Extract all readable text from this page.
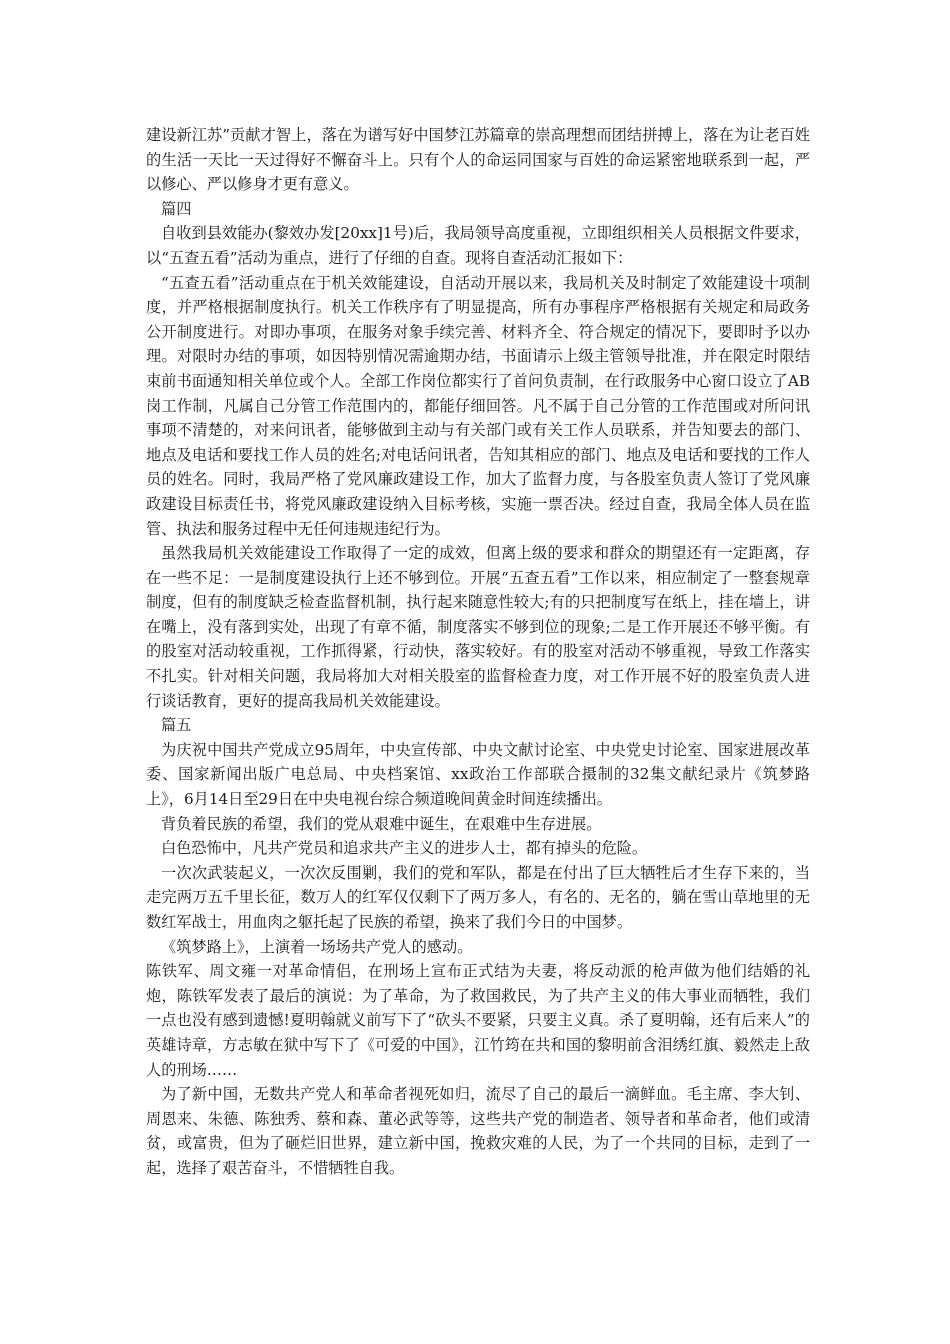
建设新江苏”贡献才智上，落在为谱写好中国梦江苏篇章的崇高理想而团结拼搏上，落在为让老百姓的生活一天比一天过得好不懈奋斗上。只有个人的命运同国家与百姓的命运紧密地联系到一起，严以修心、严以修身才更有意义。

篇四

自收到县效能办(黎效办发[20xx]1号)后，我局领导高度重视，立即组织相关人员根据文件要求，以“五查五看”活动为重点，进行了仔细的自查。现将自查活动汇报如下：

“五查五看”活动重点在于机关效能建设，自活动开展以来，我局机关及时制定了效能建设十项制度，并严格根据制度执行。机关工作秩序有了明显提高，所有办事程序严格根据有关规定和局政务公开制度进行。对即办事项，在服务对象手续完善、材料齐全、符合规定的情况下，要即时予以办理。对限时办结的事项，如因特别情况需逾期办结，书面请示上级主管领导批准，并在限定时限结束前书面通知相关单位或个人。全部工作岗位都实行了首问负责制，在行政服务中心窗口设立了AB岗工作制，凡属自己分管工作范围内的，都能仔细回答。凡不属于自己分管的工作范围或对所问讯事项不清楚的，对来问讯者，能够做到主动与有关部门或有关工作人员联系，并告知要去的部门、地点及电话和要找工作人员的姓名;对电话问讯者，告知其相应的部门、地点及电话和要找的工作人员的姓名。同时，我局严格了党风廉政建设工作，加大了监督力度，与各股室负责人签订了党风廉政建设目标责任书，将党风廉政建设纳入目标考核，实施一票否决。经过自查，我局全体人员在监管、执法和服务过程中无任何违规违纪行为。

虽然我局机关效能建设工作取得了一定的成效，但离上级的要求和群众的期望还有一定距离，存在一些不足：一是制度建设执行上还不够到位。开展“五查五看”工作以来，相应制定了一整套规章制度，但有的制度缺乏检查监督机制，执行起来随意性较大;有的只把制度写在纸上，挂在墙上，讲在嘴上，没有落到实处，出现了有章不循，制度落实不够到位的现象;二是工作开展还不够平衡。有的股室对活动较重视，工作抓得紧，行动快，落实较好。有的股室对活动不够重视，导致工作落实不扎实。针对相关问题，我局将加大对相关股室的监督检查力度，对工作开展不好的股室负责人进行谈话教育，更好的提高我局机关效能建设。

篇五

为庆祝中国共产党成立95周年，中央宣传部、中央文献讨论室、中央党史讨论室、国家进展改革委、国家新闻出版广电总局、中央档案馆、xx政治工作部联合摄制的32集文献纪录片《筑梦路上》，6月14日至29日在中央电视台综合频道晚间黄金时间连续播出。

背负着民族的希望，我们的党从艰难中诞生，在艰难中生存进展。

白色恐怖中，凡共产党员和追求共产主义的进步人士，都有掉头的危险。

一次次武装起义，一次次反围剿，我们的党和军队，都是在付出了巨大牺牲后才生存下来的，当走完两万五千里长征，数万人的红军仅仅剩下了两万多人，有名的、无名的，躺在雪山草地里的无数红军战士，用血肉之躯托起了民族的希望，换来了我们今日的中国梦。

《筑梦路上》，上演着一场场共产党人的感动。

陈铁军、周文雍一对革命情侣，在刑场上宣布正式结为夫妻，将反动派的枪声做为他们结婚的礼炮，陈铁军发表了最后的演说：为了革命，为了救国救民，为了共产主义的伟大事业而牺牲，我们一点也没有感到遗憾!夏明翰就义前写下了“砍头不要紧，只要主义真。杀了夏明翰，还有后来人”的英雄诗章，方志敏在狱中写下了《可爱的中国》，江竹筠在共和国的黎明前含泪绣红旗、毅然走上敌人的刑场……

为了新中国，无数共产党人和革命者视死如归，流尽了自己的最后一滴鲜血。毛主席、李大钊、周恩来、朱德、陈独秀、蔡和森、董必武等等，这些共产党的制造者、领导者和革命者，他们或清贫，或富贵，但为了砸烂旧世界，建立新中国，挽救灾难的人民，为了一个共同的目标，走到了一起，选择了艰苦奋斗，不惜牺牲自我。
